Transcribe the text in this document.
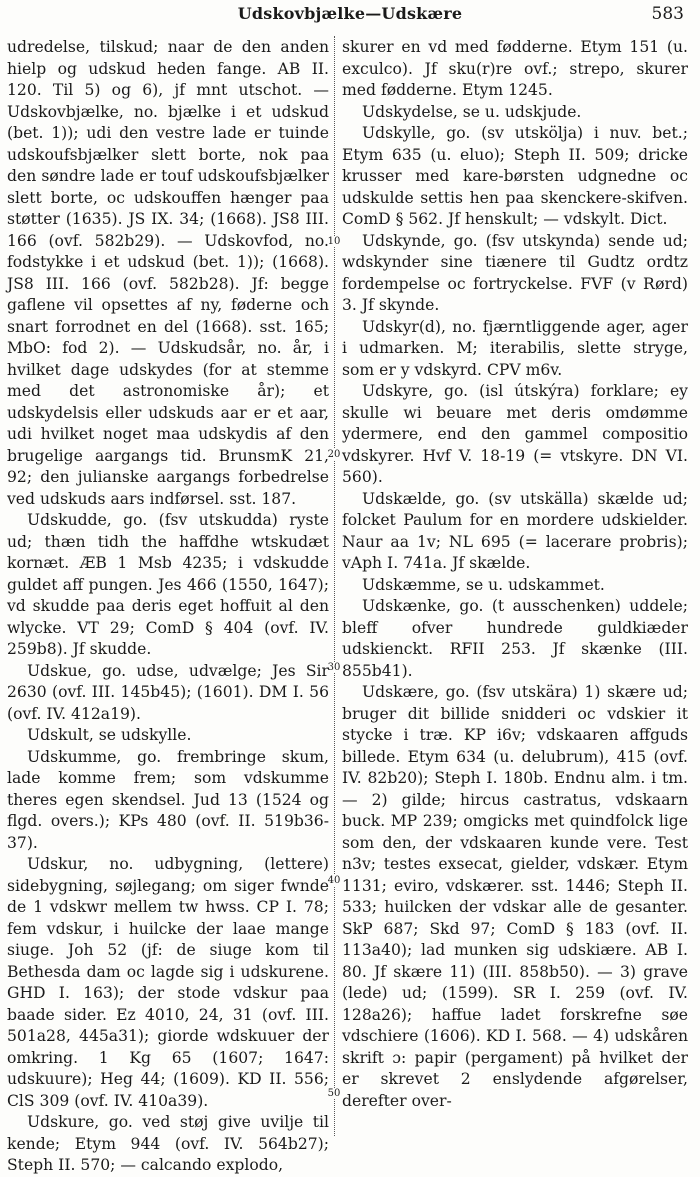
Udskovbjælke—Udskære	583
10
20
30
40
50

udredelse, tilskud; naar de den anden hielp og udskud heden fange. AB II. 120. Til 5) og 6), jf mnt utschot. — Udskovbjælke, no. bjælke i et udskud (bet. 1)); udi den vestre lade er tuinde udskoufsbjælker slett borte, nok paa den søndre lade er touf udskoufsbjælker slett borte, oc udskouffen hænger paa støtter (1635). JS IX. 34; (1668). JS8 III. 166 (ovf. 582b29). — Udskovfod, no. fodstykke i et udskud (bet. 1)); (1668). JS8 III. 166 (ovf. 582b28). Jf: begge gaflene vil opsettes af ny, føderne och snart forrodnet en del (1668). sst. 165; MbO: fod 2). — Udskudsår, no. år, i hvilket dage udskydes (for at stemme med det astronomiske år); et udskydelsis eller udskuds aar er et aar, udi hvilket noget maa udskydis af den brugelige aargangs tid. BrunsmK 21, 92; den julianske aargangs forbedrelse ved udskuds aars indførsel. sst. 187.

Udskudde, go. (fsv utskudda) ryste ud; thæn tidh the haffdhe wtskudæt kornæt. ÆB 1 Msb 4235; i vdskudde guldet aff pungen. Jes 466 (1550, 1647); vd skudde paa deris eget hoffuit al den wlycke. VT 29; ComD § 404 (ovf. IV. 259b8). Jf skudde.

Udskue, go. udse, udvælge; Jes Sir 2630 (ovf. III. 145b45); (1601). DM I. 56 (ovf. IV. 412a19).

Udskult, se udskylle.

Udskumme, go. frembringe skum, lade komme frem; som vdskumme theres egen skendsel. Jud 13 (1524 og flgd. overs.); KPs 480 (ovf. II. 519b36-37).

Udskur, no. udbygning, (lettere) sidebygning, søjlegang; om siger fwnde de 1 vdskwr mellem tw hwss. CP I. 78; fem vdskur, i huilcke der laae mange siuge. Joh 52 (jf: de siuge kom til Bethesda dam oc lagde sig i udskurene. GHD I. 163); der stode vdskur paa baade sider. Ez 4010, 24, 31 (ovf. III. 501a28, 445a31); giorde wdskuuer der omkring. 1 Kg 65 (1607; 1647: udskuure); Heg 44; (1609). KD II. 556; ClS 309 (ovf. IV. 410a39).

Udskure, go. ved støj give uvilje til kende; Etym 944 (ovf. IV. 564b27); Steph II. 570; — calcando explodo,

skurer en vd med fødderne. Etym 151 (u. exculco). Jf sku(r)re ovf.; strepo, skurer med fødderne. Etym 1245.

Udskydelse, se u. udskjude.

Udskylle, go. (sv utskölja) i nuv. bet.; Etym 635 (u. eluo); Steph II. 509; dricke krusser med kare-børsten udgnedne oc udskulde settis hen paa skenckere-skifven. ComD § 562. Jf henskult; — vdskylt. Dict.

Udskynde, go. (fsv utskynda) sende ud; wdskynder sine tiænere til Gudtz ordtz fordempelse oc fortryckelse. FVF (v Rørd) 3. Jf skynde.

Udskyr(d), no. fjærntliggende ager, ager i udmarken. M; iterabilis, slette stryge, som er y vdskyrd. CPV m6v.

Udskyre, go. (isl útskýra) forklare; ey skulle wi beuare met deris omdømme ydermere, end den gammel compositio vdskyrer. Hvf V. 18-19 (= vtskyre. DN VI. 560).

Udskælde, go. (sv utskälla) skælde ud; folcket Paulum for en mordere udskielder. Naur aa 1v; NL 695 (= lacerare probris); vAph I. 741a. Jf skælde.

Udskæmme, se u. udskammet.

Udskænke, go. (t ausschenken) uddele; bleff ofver hundrede guldkiæder udskienckt. RFII 253. Jf skænke (III. 855b41).

Udskære, go. (fsv utskära) 1) skære ud; bruger dit billide snidderi oc vdskier it stycke i træ. KP i6v; vdskaaren affguds billede. Etym 634 (u. delubrum), 415 (ovf. IV. 82b20); Steph I. 180b. Endnu alm. i tm. — 2) gilde; hircus castratus, vdskaarn buck. MP 239; omgicks met quindfolck lige som den, der vdskaaren kunde vere. Test n3v; testes exsecat, gielder, vdskær. Etym 1131; eviro, vdskærer. sst. 1446; Steph II. 533; huilcken der vdskar alle de gesanter. SkP 687; Skd 97; ComD § 183 (ovf. II. 113a40); lad munken sig udskiære. AB I. 80. Jf skære 11) (III. 858b50). — 3) grave (lede) ud; (1599). SR I. 259 (ovf. IV. 128a26); haffue ladet forskrefne søe vdschiere (1606). KD I. 568. — 4) udskåren skrift ɔ: papir (pergament) på hvilket der er skrevet 2 enslydende afgørelser, derefter over-
